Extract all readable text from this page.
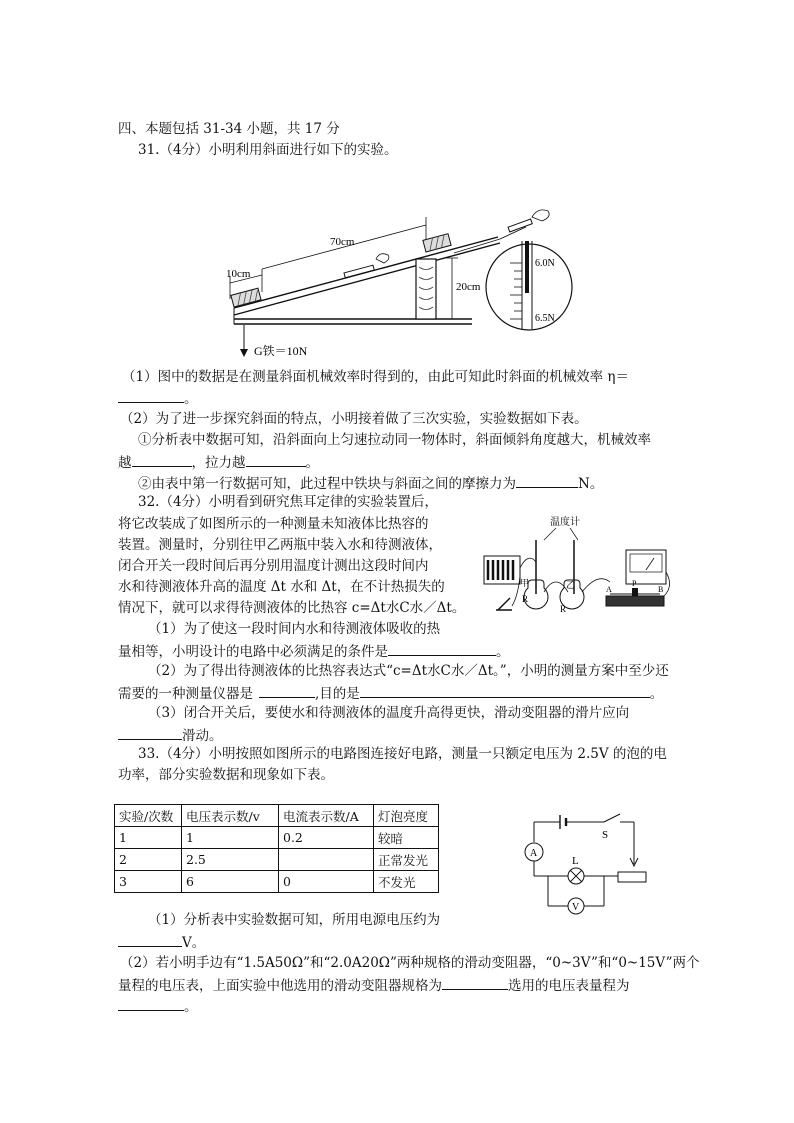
四、本题包括 31-34 小题，共 17 分
31.（4分）小明利用斜面进行如下的实验。
10cm
70cm
20cm
6.0N
6.5N
G铁＝10N
（1）图中的数据是在测量斜面机械效率时得到的，由此可知此时斜面的机械效率 η＝
。
（2）为了进一步探究斜面的特点，小明接着做了三次实验，实验数据如下表。
①分析表中数据可知，沿斜面向上匀速拉动同一物体时，斜面倾斜角度越大，机械效率
越	，拉力越	。
②由表中第一行数据可知，此过程中铁块与斜面之间的摩擦力为	N。
32.（4分）小明看到研究焦耳定律的实验装置后，
将它改装成了如图所示的一种测量未知液体比热容的
装置。测量时，分别往甲乙两瓶中装入水和待测液体，
闭合开关一段时间后再分别用温度计测出这段时间内
水和待测液体升高的温度 Δt 水和 Δt，在不计热损失的
情况下，就可以求得待测液体的比热容 c=Δt水C水／Δt。
温度计
甲	乙
R
R
A
P
B
（1）为了使这一段时间内水和待测液体吸收的热
量相等，小明设计的电路中必须满足的条件是	。
（2）为了得出待测液体的比热容表达式“c=Δt水C水／Δt。”，小明的测量方案中至少还
需要的一种测量仪器是	,目的是	。
（3）闭合开关后，要使水和待测液体的温度升高得更快，滑动变阻器的滑片应向
滑动。
33.（4分）小明按照如图所示的电路图连接好电路，测量一只额定电压为 2.5V 的泡的电
功率，部分实验数据和现象如下表。
实验/次数	电压表示数/v	电流表示数/A	灯泡亮度
1	1	0.2	较暗
2	2.5		正常发光
3	6	0	不发光
S
A
L
V
（1）分析表中实验数据可知，所用电源电压约为
V。
（2）若小明手边有“1.5A50Ω”和“2.0A20Ω”两种规格的滑动变阻器，“0~3V”和“0~15V”两个
量程的电压表，上面实验中他选用的滑动变阻器规格为	选用的电压表量程为
。
